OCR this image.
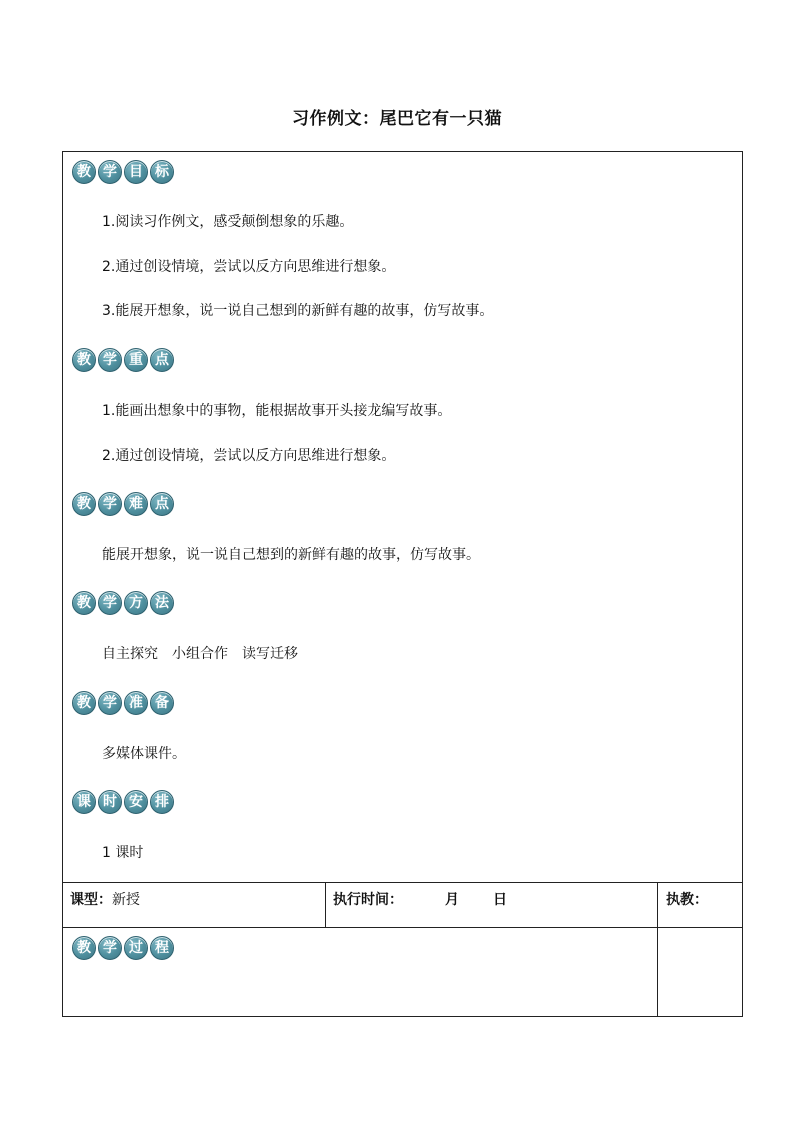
习作例文：尾巴它有一只猫
教 学 目 标
1.阅读习作例文，感受颠倒想象的乐趣。
2.通过创设情境，尝试以反方向思维进行想象。
3.能展开想象，说一说自己想到的新鲜有趣的故事，仿写故事。
教 学 重 点
1.能画出想象中的事物，能根据故事开头接龙编写故事。
2.通过创设情境，尝试以反方向思维进行想象。
教 学 难 点
能展开想象，说一说自己想到的新鲜有趣的故事，仿写故事。
教 学 方 法
自主探究　小组合作　读写迁移
教 学 准 备
多媒体课件。
课 时 安 排
1 课时
课型：新授	执行时间：	月 日	执教：
教 学 过 程
